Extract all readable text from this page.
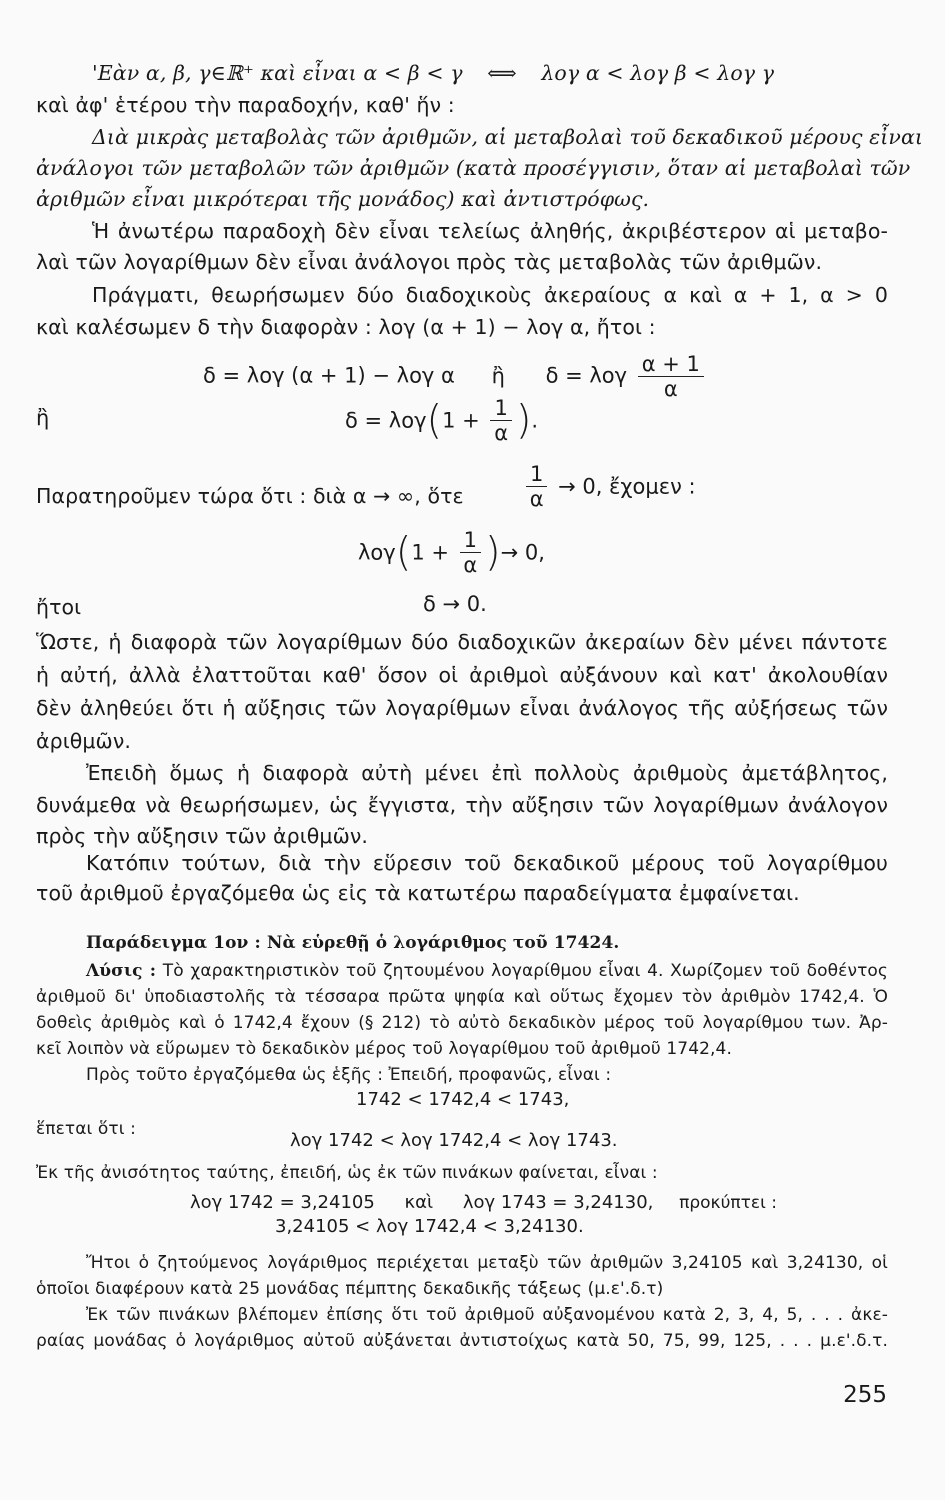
'Εὰν α, β, γ∈ℝ⁺ καὶ εἶναι α < β < γ ⟺ λογ α < λογ β < λογ γ
καὶ ἀφ' ἑτέρου τὴν παραδοχήν, καθ' ἥν :
Διὰ μικρὰς μεταβολὰς τῶν ἀριθμῶν, αἱ μεταβολαὶ τοῦ δεκαδικοῦ μέρους εἶναι
ἀνάλογοι τῶν μεταβολῶν τῶν ἀριθμῶν (κατὰ προσέγγισιν, ὅταν αἱ μεταβολαὶ τῶν
ἀριθμῶν εἶναι μικρότεραι τῆς μονάδος) καὶ ἀντιστρόφως.
Ἡ ἀνωτέρω παραδοχὴ δὲν εἶναι τελείως ἀληθής, ἀκριβέστερον αἱ μεταβο-
λαὶ τῶν λογαρίθμων δὲν εἶναι ἀνάλογοι πρὸς τὰς μεταβολὰς τῶν ἀριθμῶν.
Πράγματι, θεωρήσωμεν δύο διαδοχικοὺς ἀκεραίους α καὶ α + 1, α > 0
καὶ καλέσωμεν δ τὴν διαφορὰν : λογ (α + 1) − λογ α, ἤτοι :
δ = λογ (α + 1) − λογ α ἢ δ = λογ $\frac{\alpha + 1}{\alpha}$
ἢ	$\delta = \lambda o\gamma(1 + \frac{1}{\alpha}$ ).
Παρατηροῦμεν τώρα ὅτι : διὰ α → ∞, ὅτε	$\frac{1}{\alpha} \to 0$, ἔχομεν :
$\lambda o\gamma(1 + \frac{1}{\alpha}$ )→ 0,
ἤτοι	δ → 0.
Ὥστε, ἡ διαφορὰ τῶν λογαρίθμων δύο διαδοχικῶν ἀκεραίων δὲν μένει πάντοτε
ἡ αὐτή, ἀλλὰ ἐλαττοῦται καθ' ὅσον οἱ ἀριθμοὶ αὐξάνουν καὶ κατ' ἀκολουθίαν
δὲν ἀληθεύει ὅτι ἡ αὔξησις τῶν λογαρίθμων εἶναι ἀνάλογος τῆς αὐξήσεως τῶν
ἀριθμῶν.
Ἐπειδὴ ὅμως ἡ διαφορὰ αὐτὴ μένει ἐπὶ πολλοὺς ἀριθμοὺς ἀμετάβλητος,
δυνάμεθα νὰ θεωρήσωμεν, ὡς ἔγγιστα, τὴν αὔξησιν τῶν λογαρίθμων ἀνάλογον
πρὸς τὴν αὔξησιν τῶν ἀριθμῶν.
Κατόπιν τούτων, διὰ τὴν εὕρεσιν τοῦ δεκαδικοῦ μέρους τοῦ λογαρίθμου
τοῦ ἀριθμοῦ ἐργαζόμεθα ὡς εἰς τὰ κατωτέρω παραδείγματα ἐμφαίνεται.
Παράδειγμα 1ον : Νὰ εὑρεθῇ ὁ λογάριθμος τοῦ 17424.
Λύσις : Τὸ χαρακτηριστικὸν τοῦ ζητουμένου λογαρίθμου εἶναι 4. Χωρίζομεν τοῦ δοθέντος
ἀριθμοῦ δι' ὑποδιαστολῆς τὰ τέσσαρα πρῶτα ψηφία καὶ οὕτως ἔχομεν τὸν ἀριθμὸν 1742,4. Ὁ
δοθεὶς ἀριθμὸς καὶ ὁ 1742,4 ἔχουν (§ 212) τὸ αὐτὸ δεκαδικὸν μέρος τοῦ λογαρίθμου των. Ἀρ-
κεῖ λοιπὸν νὰ εὕρωμεν τὸ δεκαδικὸν μέρος τοῦ λογαρίθμου τοῦ ἀριθμοῦ 1742,4.
Πρὸς τοῦτο ἐργαζόμεθα ὡς ἑξῆς : Ἐπειδή, προφανῶς, εἶναι :
1742 < 1742,4 < 1743,
ἕπεται ὅτι :
λογ 1742 < λογ 1742,4 < λογ 1743.
Ἐκ τῆς ἀνισότητος ταύτης, ἐπειδή, ὡς ἐκ τῶν πινάκων φαίνεται, εἶναι :
λογ 1742 = 3,24105 καὶ λογ 1743 = 3,24130, προκύπτει :
3,24105 < λογ 1742,4 < 3,24130.
Ἤτοι ὁ ζητούμενος λογάριθμος περιέχεται μεταξὺ τῶν ἀριθμῶν 3,24105 καὶ 3,24130, οἱ
ὁποῖοι διαφέρουν κατὰ 25 μονάδας πέμπτης δεκαδικῆς τάξεως (μ.ε'.δ.τ)
Ἐκ τῶν πινάκων βλέπομεν ἐπίσης ὅτι τοῦ ἀριθμοῦ αὐξανομένου κατὰ 2, 3, 4, 5, . . . ἀκε-
ραίας μονάδας ὁ λογάριθμος αὐτοῦ αὐξάνεται ἀντιστοίχως κατὰ 50, 75, 99, 125, . . . μ.ε'.δ.τ.
255
